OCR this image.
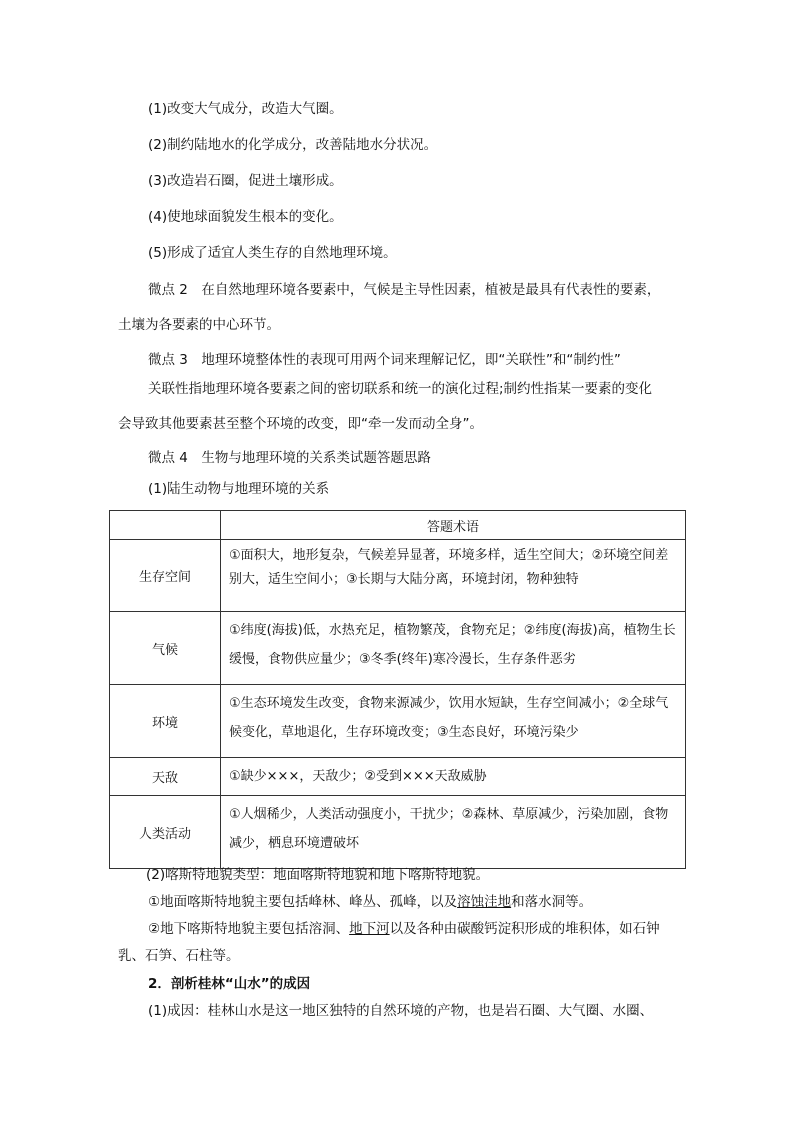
(1)改变大气成分，改造大气圈。
(2)制约陆地水的化学成分，改善陆地水分状况。
(3)改造岩石圈，促进土壤形成。
(4)使地球面貌发生根本的变化。
(5)形成了适宜人类生存的自然地理环境。
微点 2　在自然地理环境各要素中，气候是主导性因素，植被是最具有代表性的要素，
土壤为各要素的中心环节。
微点 3　地理环境整体性的表现可用两个词来理解记忆，即“关联性”和“制约性”
关联性指地理环境各要素之间的密切联系和统一的演化过程;制约性指某一要素的变化
会导致其他要素甚至整个环境的改变，即“牵一发而动全身”。
微点 4　生物与地理环境的关系类试题答题思路
(1)陆生动物与地理环境的关系
	答题术语
生存空间	①面积大，地形复杂，气候差异显著，环境多样，适生空间大；②环境空间差别大，适生空间小；③长期与大陆分离，环境封闭，物种独特
气候	①纬度(海拔)低，水热充足，植物繁茂，食物充足；②纬度(海拔)高，植物生长缓慢，食物供应量少；③冬季(终年)寒冷漫长，生存条件恶劣
环境	①生态环境发生改变，食物来源减少，饮用水短缺，生存空间减小；②全球气候变化，草地退化，生存环境改变；③生态良好，环境污染少
天敌	①缺少×××，天敌少；②受到×××天敌威胁
人类活动	①人烟稀少，人类活动强度小，干扰少；②森林、草原减少，污染加剧，食物减少，栖息环境遭破坏
(2)喀斯特地貌类型：地面喀斯特地貌和地下喀斯特地貌。
①地面喀斯特地貌主要包括峰林、峰丛、孤峰，以及溶蚀洼地和落水洞等。
②地下喀斯特地貌主要包括溶洞、地下河以及各种由碳酸钙淀积形成的堆积体，如石钟
乳、石笋、石柱等。
2．剖析桂林“山水”的成因
(1)成因：桂林山水是这一地区独特的自然环境的产物，也是岩石圈、大气圈、水圈、
